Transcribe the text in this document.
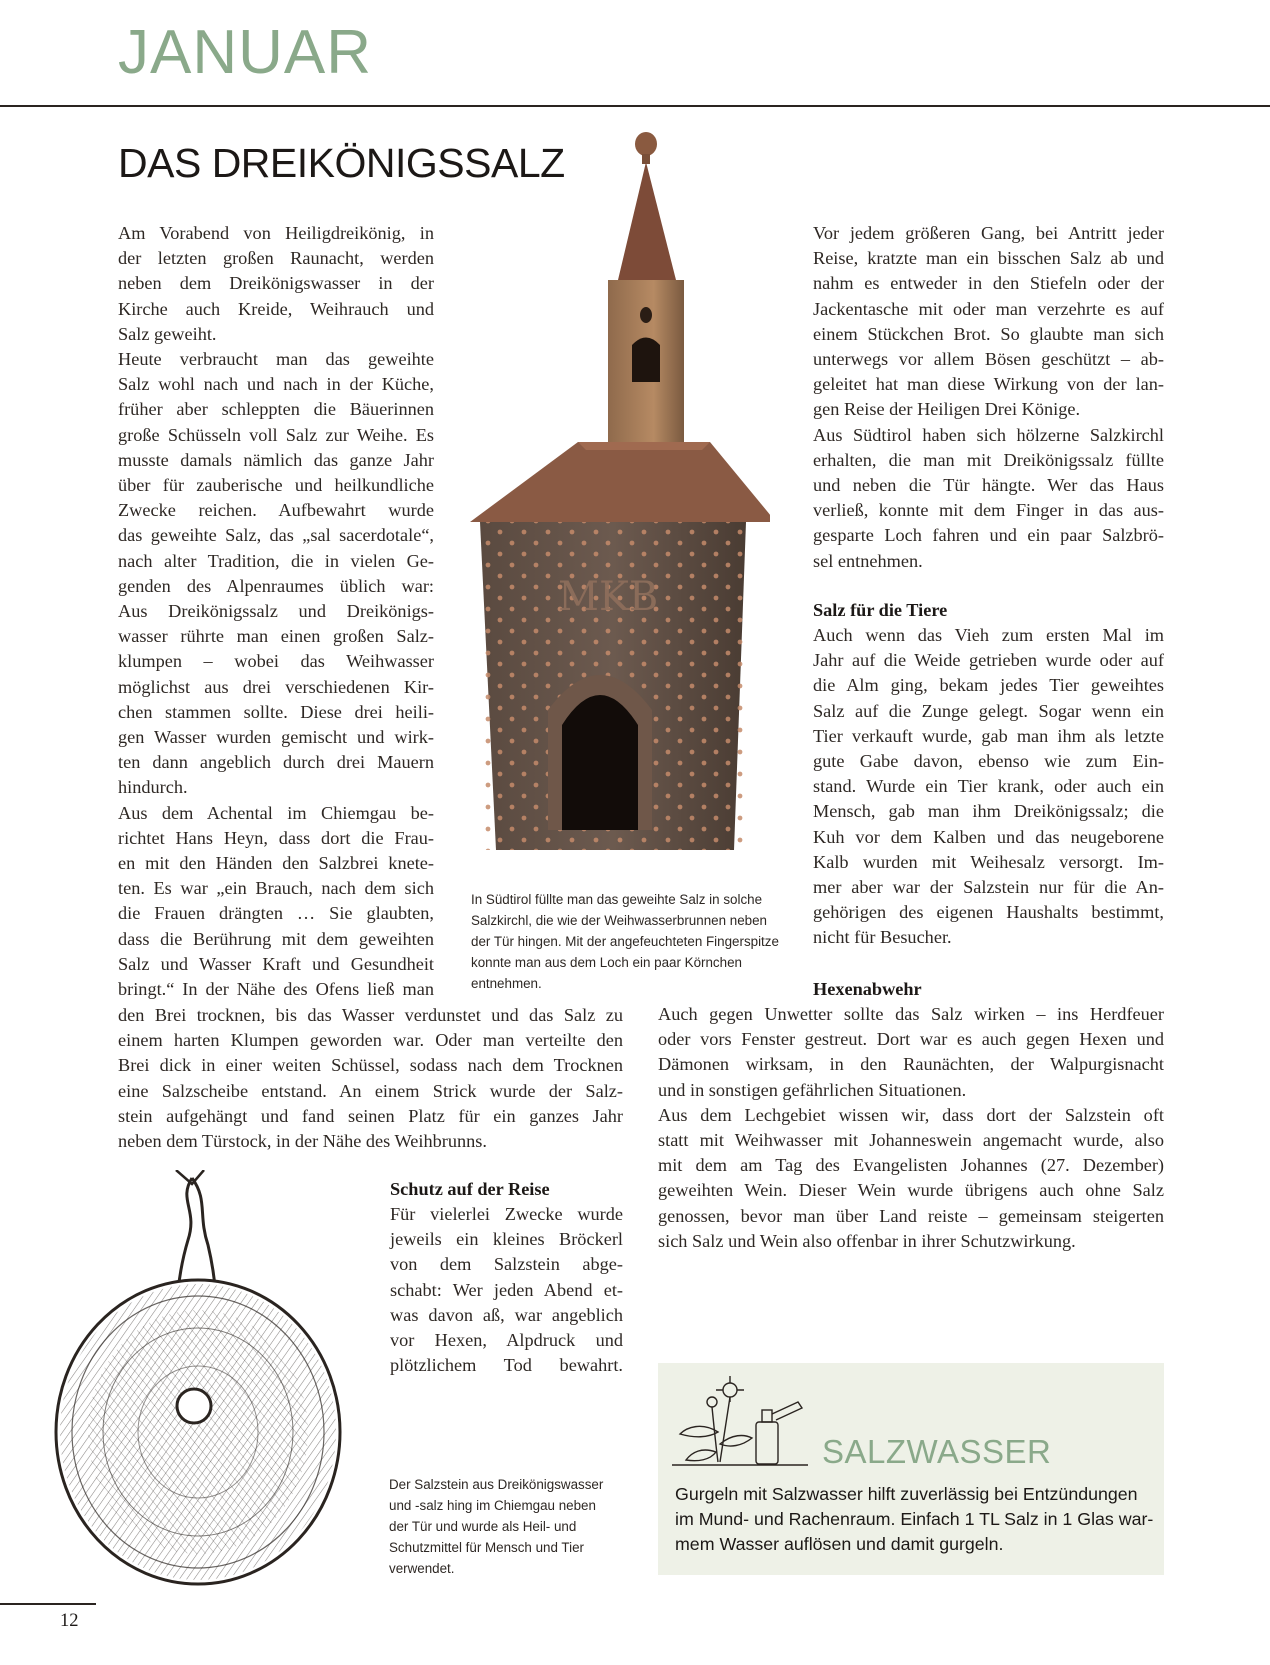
JANUAR
DAS DREIKÖNIGSSALZ
Am Vorabend von Heiligdreikönig, in
der letzten großen Raunacht, werden
neben dem Dreikönigswasser in der
Kirche auch Kreide, Weihrauch und
Salz geweiht.
Heute verbraucht man das geweihte
Salz wohl nach und nach in der Küche,
früher aber schleppten die Bäuerinnen
große Schüsseln voll Salz zur Weihe. Es
musste damals nämlich das ganze Jahr
über für zauberische und heilkundliche
Zwecke reichen. Aufbewahrt wurde
das geweihte Salz, das „sal sacerdotale“,
nach alter Tradition, die in vielen Ge-
genden des Alpenraumes üblich war:
Aus Dreikönigssalz und Dreikönigs-
wasser rührte man einen großen Salz-
klumpen – wobei das Weihwasser
möglichst aus drei verschiedenen Kir-
chen stammen sollte. Diese drei heili-
gen Wasser wurden gemischt und wirk-
ten dann angeblich durch drei Mauern
hindurch.
Aus dem Achental im Chiemgau be-
richtet Hans Heyn, dass dort die Frau-
en mit den Händen den Salzbrei knete-
ten. Es war „ein Brauch, nach dem sich
die Frauen drängten … Sie glaubten,
dass die Berührung mit dem geweihten
Salz und Wasser Kraft und Gesundheit
bringt.“ In der Nähe des Ofens ließ man
den Brei trocknen, bis das Wasser verdunstet und das Salz zu
einem harten Klumpen geworden war. Oder man verteilte den
Brei dick in einer weiten Schüssel, sodass nach dem Trocknen
eine Salzscheibe entstand. An einem Strick wurde der Salz-
stein aufgehängt und fand seinen Platz für ein ganzes Jahr
neben dem Türstock, in der Nähe des Weihbrunns.
MKB
In Südtirol füllte man das geweihte Salz in solche
Salzkirchl, die wie der Weihwasserbrunnen neben
der Tür hingen. Mit der angefeuchteten Fingerspitze
konnte man aus dem Loch ein paar Körnchen
entnehmen.
Vor jedem größeren Gang, bei Antritt jeder
Reise, kratzte man ein bisschen Salz ab und
nahm es entweder in den Stiefeln oder der
Jackentasche mit oder man verzehrte es auf
einem Stückchen Brot. So glaubte man sich
unterwegs vor allem Bösen geschützt – ab-
geleitet hat man diese Wirkung von der lan-
gen Reise der Heiligen Drei Könige.
Aus Südtirol haben sich hölzerne Salzkirchl
erhalten, die man mit Dreikönigssalz füllte
und neben die Tür hängte. Wer das Haus
verließ, konnte mit dem Finger in das aus-
gesparte Loch fahren und ein paar Salzbrö-
sel entnehmen.
Salz für die Tiere
Auch wenn das Vieh zum ersten Mal im
Jahr auf die Weide getrieben wurde oder auf
die Alm ging, bekam jedes Tier geweihtes
Salz auf die Zunge gelegt. Sogar wenn ein
Tier verkauft wurde, gab man ihm als letzte
gute Gabe davon, ebenso wie zum Ein-
stand. Wurde ein Tier krank, oder auch ein
Mensch, gab man ihm Dreikönigssalz; die
Kuh vor dem Kalben und das neugeborene
Kalb wurden mit Weihesalz versorgt. Im-
mer aber war der Salzstein nur für die An-
gehörigen des eigenen Haushalts bestimmt,
nicht für Besucher.
Hexenabwehr
Auch gegen Unwetter sollte das Salz wirken – ins Herdfeuer
oder vors Fenster gestreut. Dort war es auch gegen Hexen und
Dämonen wirksam, in den Raunächten, der Walpurgisnacht
und in sonstigen gefährlichen Situationen.
Aus dem Lechgebiet wissen wir, dass dort der Salzstein oft
statt mit Weihwasser mit Johanneswein angemacht wurde, also
mit dem am Tag des Evangelisten Johannes (27. Dezember)
geweihten Wein. Dieser Wein wurde übrigens auch ohne Salz
genossen, bevor man über Land reiste – gemeinsam steigerten
sich Salz und Wein also offenbar in ihrer Schutzwirkung.
Schutz auf der Reise
Für vielerlei Zwecke wurde
jeweils ein kleines Bröckerl
von dem Salzstein abge-
schabt: Wer jeden Abend et-
was davon aß, war angeblich
vor Hexen, Alpdruck und
plötzlichem Tod bewahrt.
Der Salzstein aus Dreikönigswasser
und -salz hing im Chiemgau neben
der Tür und wurde als Heil- und
Schutzmittel für Mensch und Tier
verwendet.
SALZWASSER
Gurgeln mit Salzwasser hilft zuverlässig bei Entzündungen
im Mund- und Rachenraum. Einfach 1 TL Salz in 1 Glas war-
mem Wasser auflösen und damit gurgeln.
12
